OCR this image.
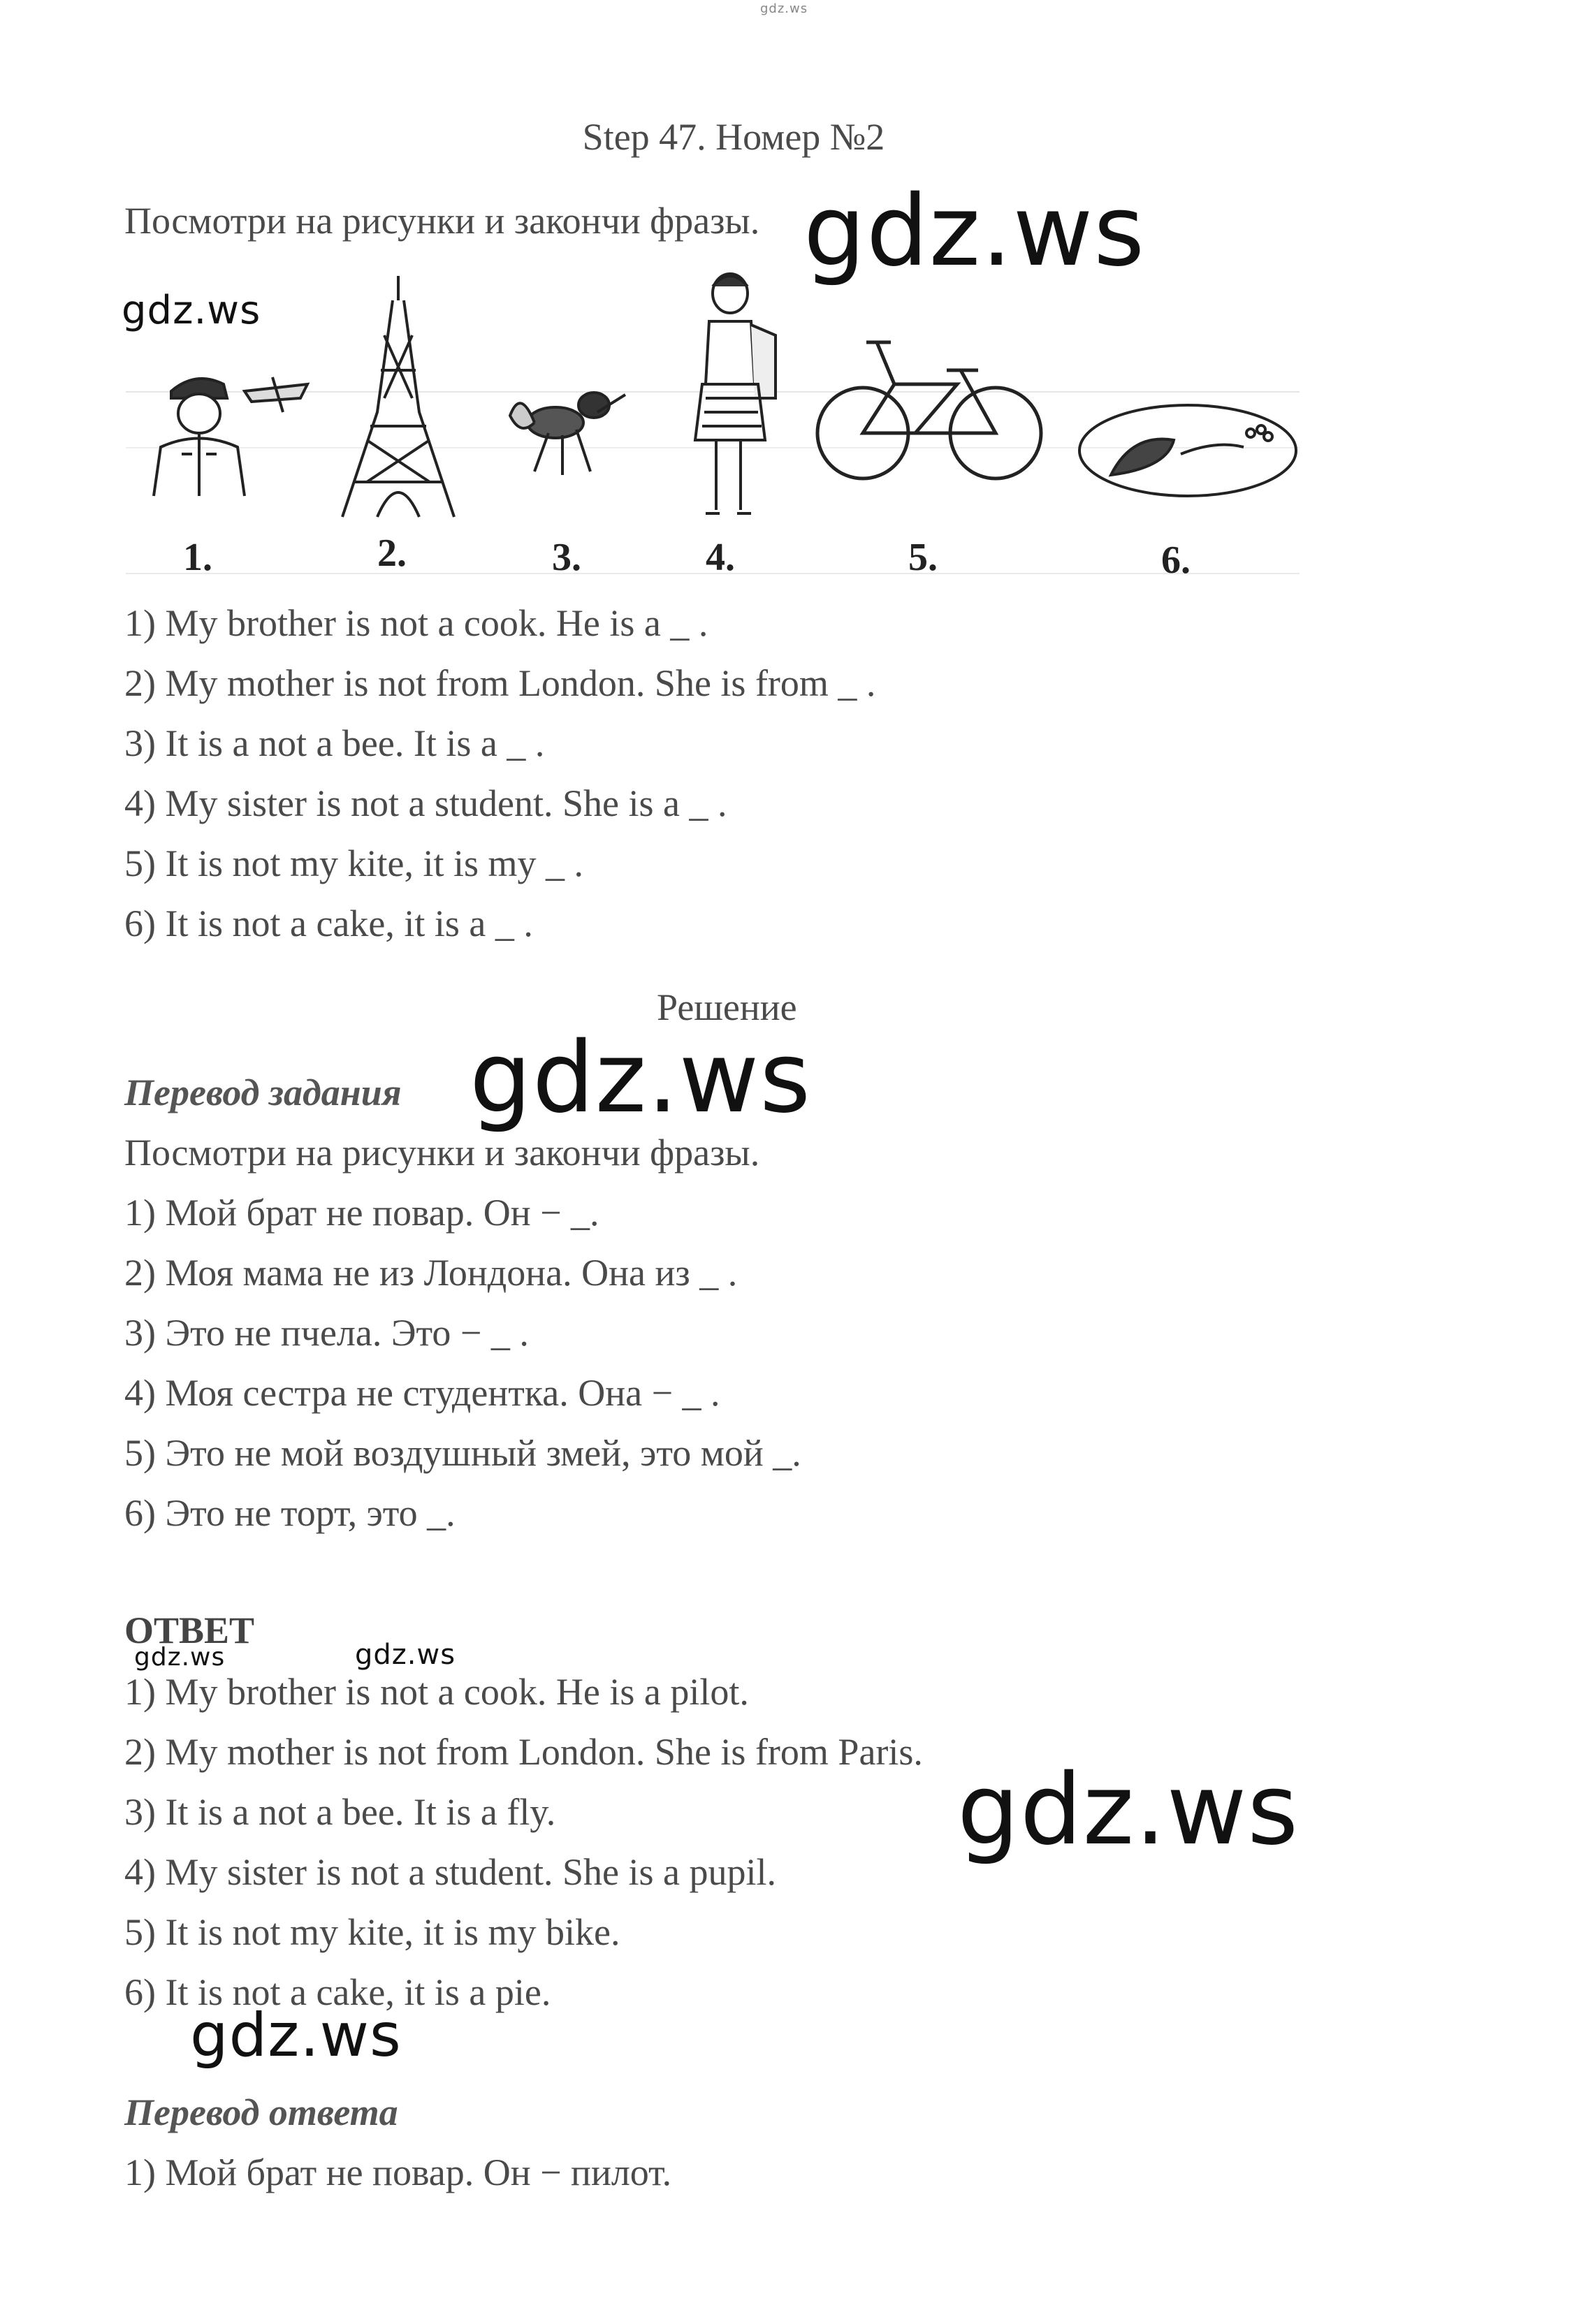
gdz.ws
Step 47. Номер №2
Посмотри на рисунки и закончи фразы. gdz.ws
gdz.ws
1.	2.	3.	4.	5.	6.
1) My brother is not a cook. He is a _ .
2) My mother is not from London. She is from _ .
3) It is a not a bee. It is a _ .
4) My sister is not a student. She is a _ .
5) It is not my kite, it is my _ .
6) It is not a cake, it is a _ .
Решение
Перевод задания gdz.ws
Посмотри на рисунки и закончи фразы.
1) Мой брат не повар. Он − _.
2) Моя мама не из Лондона. Она из _ .
3) Это не пчела. Это − _ .
4) Моя сестра не студентка. Она − _ .
5) Это не мой воздушный змей, это мой _.
6) Это не торт, это _.
ОТВЕТ
gdz.ws	gdz.ws
1) My brother is not a cook. He is a pilot.
2) My mother is not from London. She is from Paris.
3) It is a not a bee. It is a fly.
4) My sister is not a student. She is a pupil.
5) It is not my kite, it is my bike.
6) It is not a cake, it is a pie.
gdz.ws
gdz.ws
Перевод ответа
1) Мой брат не повар. Он − пилот.
